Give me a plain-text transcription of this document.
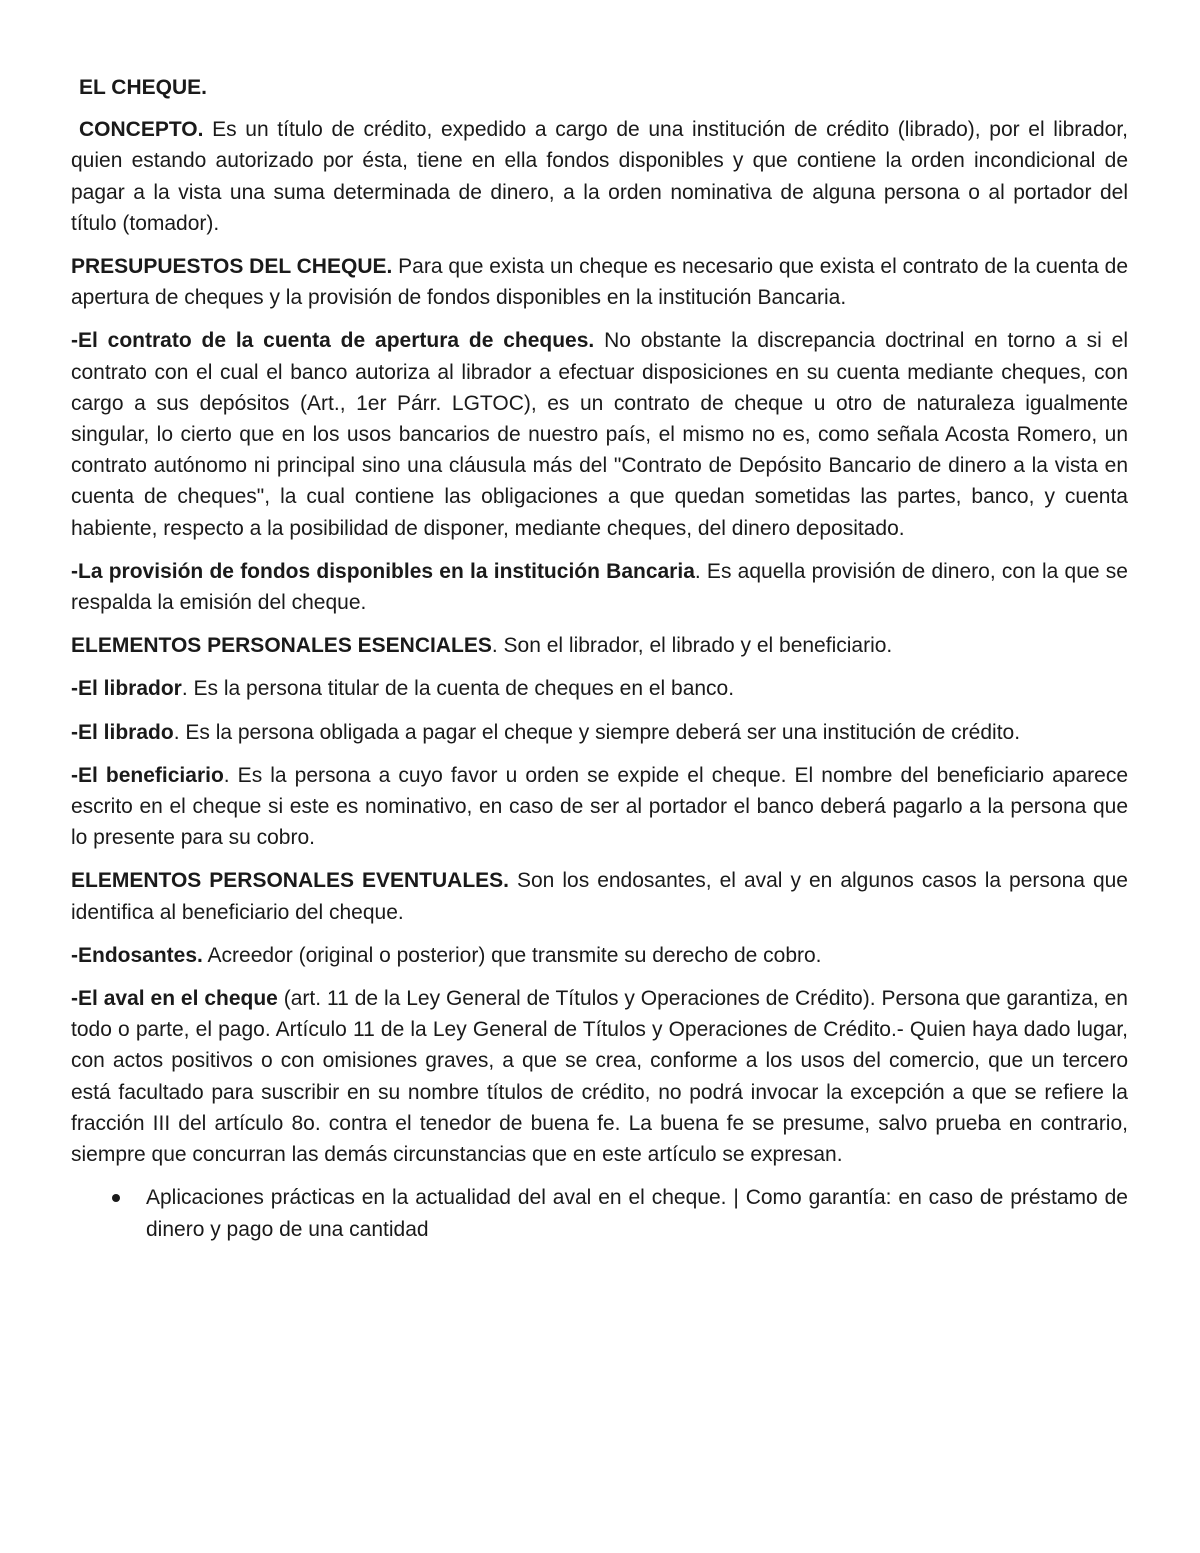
EL CHEQUE.

CONCEPTO. Es un título de crédito, expedido a cargo de una institución de crédito (librado), por el librador, quien estando autorizado por ésta, tiene en ella fondos disponibles y que contiene la orden incondicional de pagar a la vista una suma determinada de dinero, a la orden nominativa de alguna persona o al portador del título (tomador).

PRESUPUESTOS DEL CHEQUE. Para que exista un cheque es necesario que exista el contrato de la cuenta de apertura de cheques y la provisión de fondos disponibles en la institución Bancaria.

-El contrato de la cuenta de apertura de cheques. No obstante la discrepancia doctrinal en torno a si el contrato con el cual el banco autoriza al librador a efectuar disposiciones en su cuenta mediante cheques, con cargo a sus depósitos (Art., 1er Párr. LGTOC), es un contrato de cheque u otro de naturaleza igualmente singular, lo cierto que en los usos bancarios de nuestro país, el mismo no es, como señala Acosta Romero, un contrato autónomo ni principal sino una cláusula más del "Contrato de Depósito Bancario de dinero a la vista en cuenta de cheques", la cual contiene las obligaciones a que quedan sometidas las partes, banco, y cuenta habiente, respecto a la posibilidad de disponer, mediante cheques, del dinero depositado.

-La provisión de fondos disponibles en la institución Bancaria. Es aquella provisión de dinero, con la que se respalda la emisión del cheque.

ELEMENTOS PERSONALES ESENCIALES. Son el librador, el librado y el beneficiario.

-El librador. Es la persona titular de la cuenta de cheques en el banco.

-El librado. Es la persona obligada a pagar el cheque y siempre deberá ser una institución de crédito.

-El beneficiario. Es la persona a cuyo favor u orden se expide el cheque. El nombre del beneficiario aparece escrito en el cheque si este es nominativo, en caso de ser al portador el banco deberá pagarlo a la persona que lo presente para su cobro.

ELEMENTOS PERSONALES EVENTUALES. Son los endosantes, el aval y en algunos casos la persona que identifica al beneficiario del cheque.

-Endosantes. Acreedor (original o posterior) que transmite su derecho de cobro.

-El aval en el cheque (art. 11 de la Ley General de Títulos y Operaciones de Crédito). Persona que garantiza, en todo o parte, el pago. Artículo 11 de la Ley General de Títulos y Operaciones de Crédito.- Quien haya dado lugar, con actos positivos o con omisiones graves, a que se crea, conforme a los usos del comercio, que un tercero está facultado para suscribir en su nombre títulos de crédito, no podrá invocar la excepción a que se refiere la fracción III del artículo 8o. contra el tenedor de buena fe. La buena fe se presume, salvo prueba en contrario, siempre que concurran las demás circunstancias que en este artículo se expresan.

Aplicaciones prácticas en la actualidad del aval en el cheque. | Como garantía: en caso de préstamo de dinero y pago de una cantidad
